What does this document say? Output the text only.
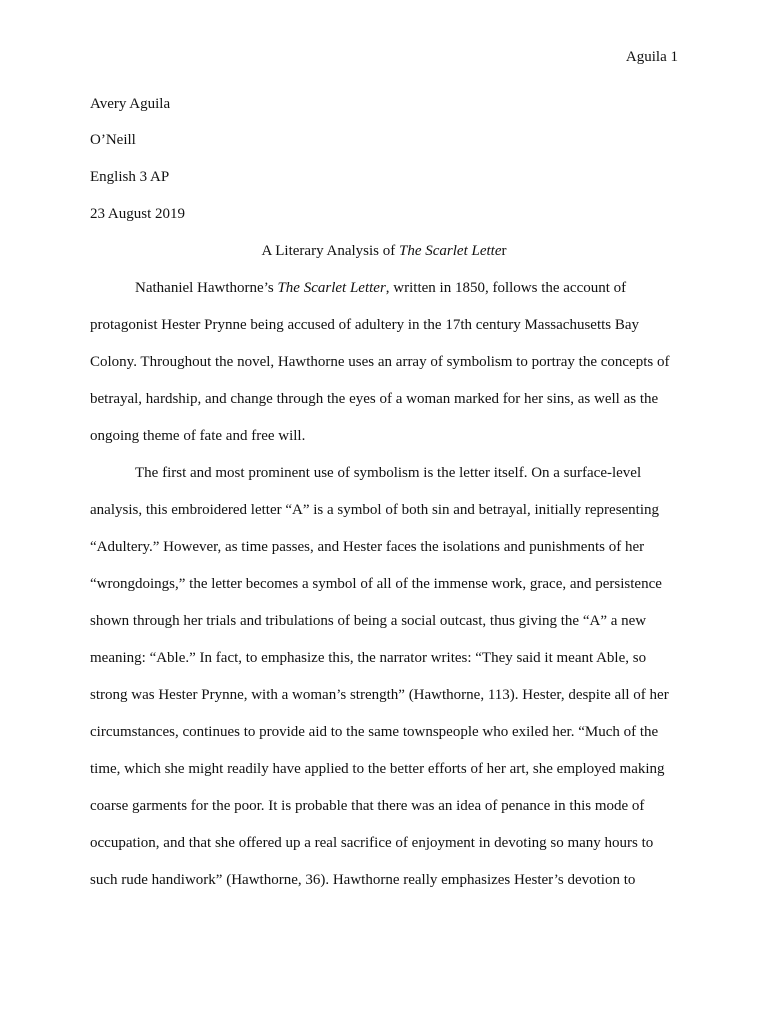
Aguila 1
Avery Aguila
O’Neill
English 3 AP
23 August 2019
A Literary Analysis of The Scarlet Letter
Nathaniel Hawthorne’s The Scarlet Letter, written in 1850, follows the account of
protagonist Hester Prynne being accused of adultery in the 17th century Massachusetts Bay
Colony. Throughout the novel, Hawthorne uses an array of symbolism to portray the concepts of
betrayal, hardship, and change through the eyes of a woman marked for her sins, as well as the
ongoing theme of fate and free will.
The first and most prominent use of symbolism is the letter itself. On a surface-level
analysis, this embroidered letter “A” is a symbol of both sin and betrayal, initially representing
“Adultery.” However, as time passes, and Hester faces the isolations and punishments of her
“wrongdoings,” the letter becomes a symbol of all of the immense work, grace, and persistence
shown through her trials and tribulations of being a social outcast, thus giving the “A” a new
meaning: “Able.” In fact, to emphasize this, the narrator writes: “They said it meant Able, so
strong was Hester Prynne, with a woman’s strength” (Hawthorne, 113). Hester, despite all of her
circumstances, continues to provide aid to the same townspeople who exiled her. “Much of the
time, which she might readily have applied to the better efforts of her art, she employed making
coarse garments for the poor. It is probable that there was an idea of penance in this mode of
occupation, and that she offered up a real sacrifice of enjoyment in devoting so many hours to
such rude handiwork” (Hawthorne, 36). Hawthorne really emphasizes Hester’s devotion to
